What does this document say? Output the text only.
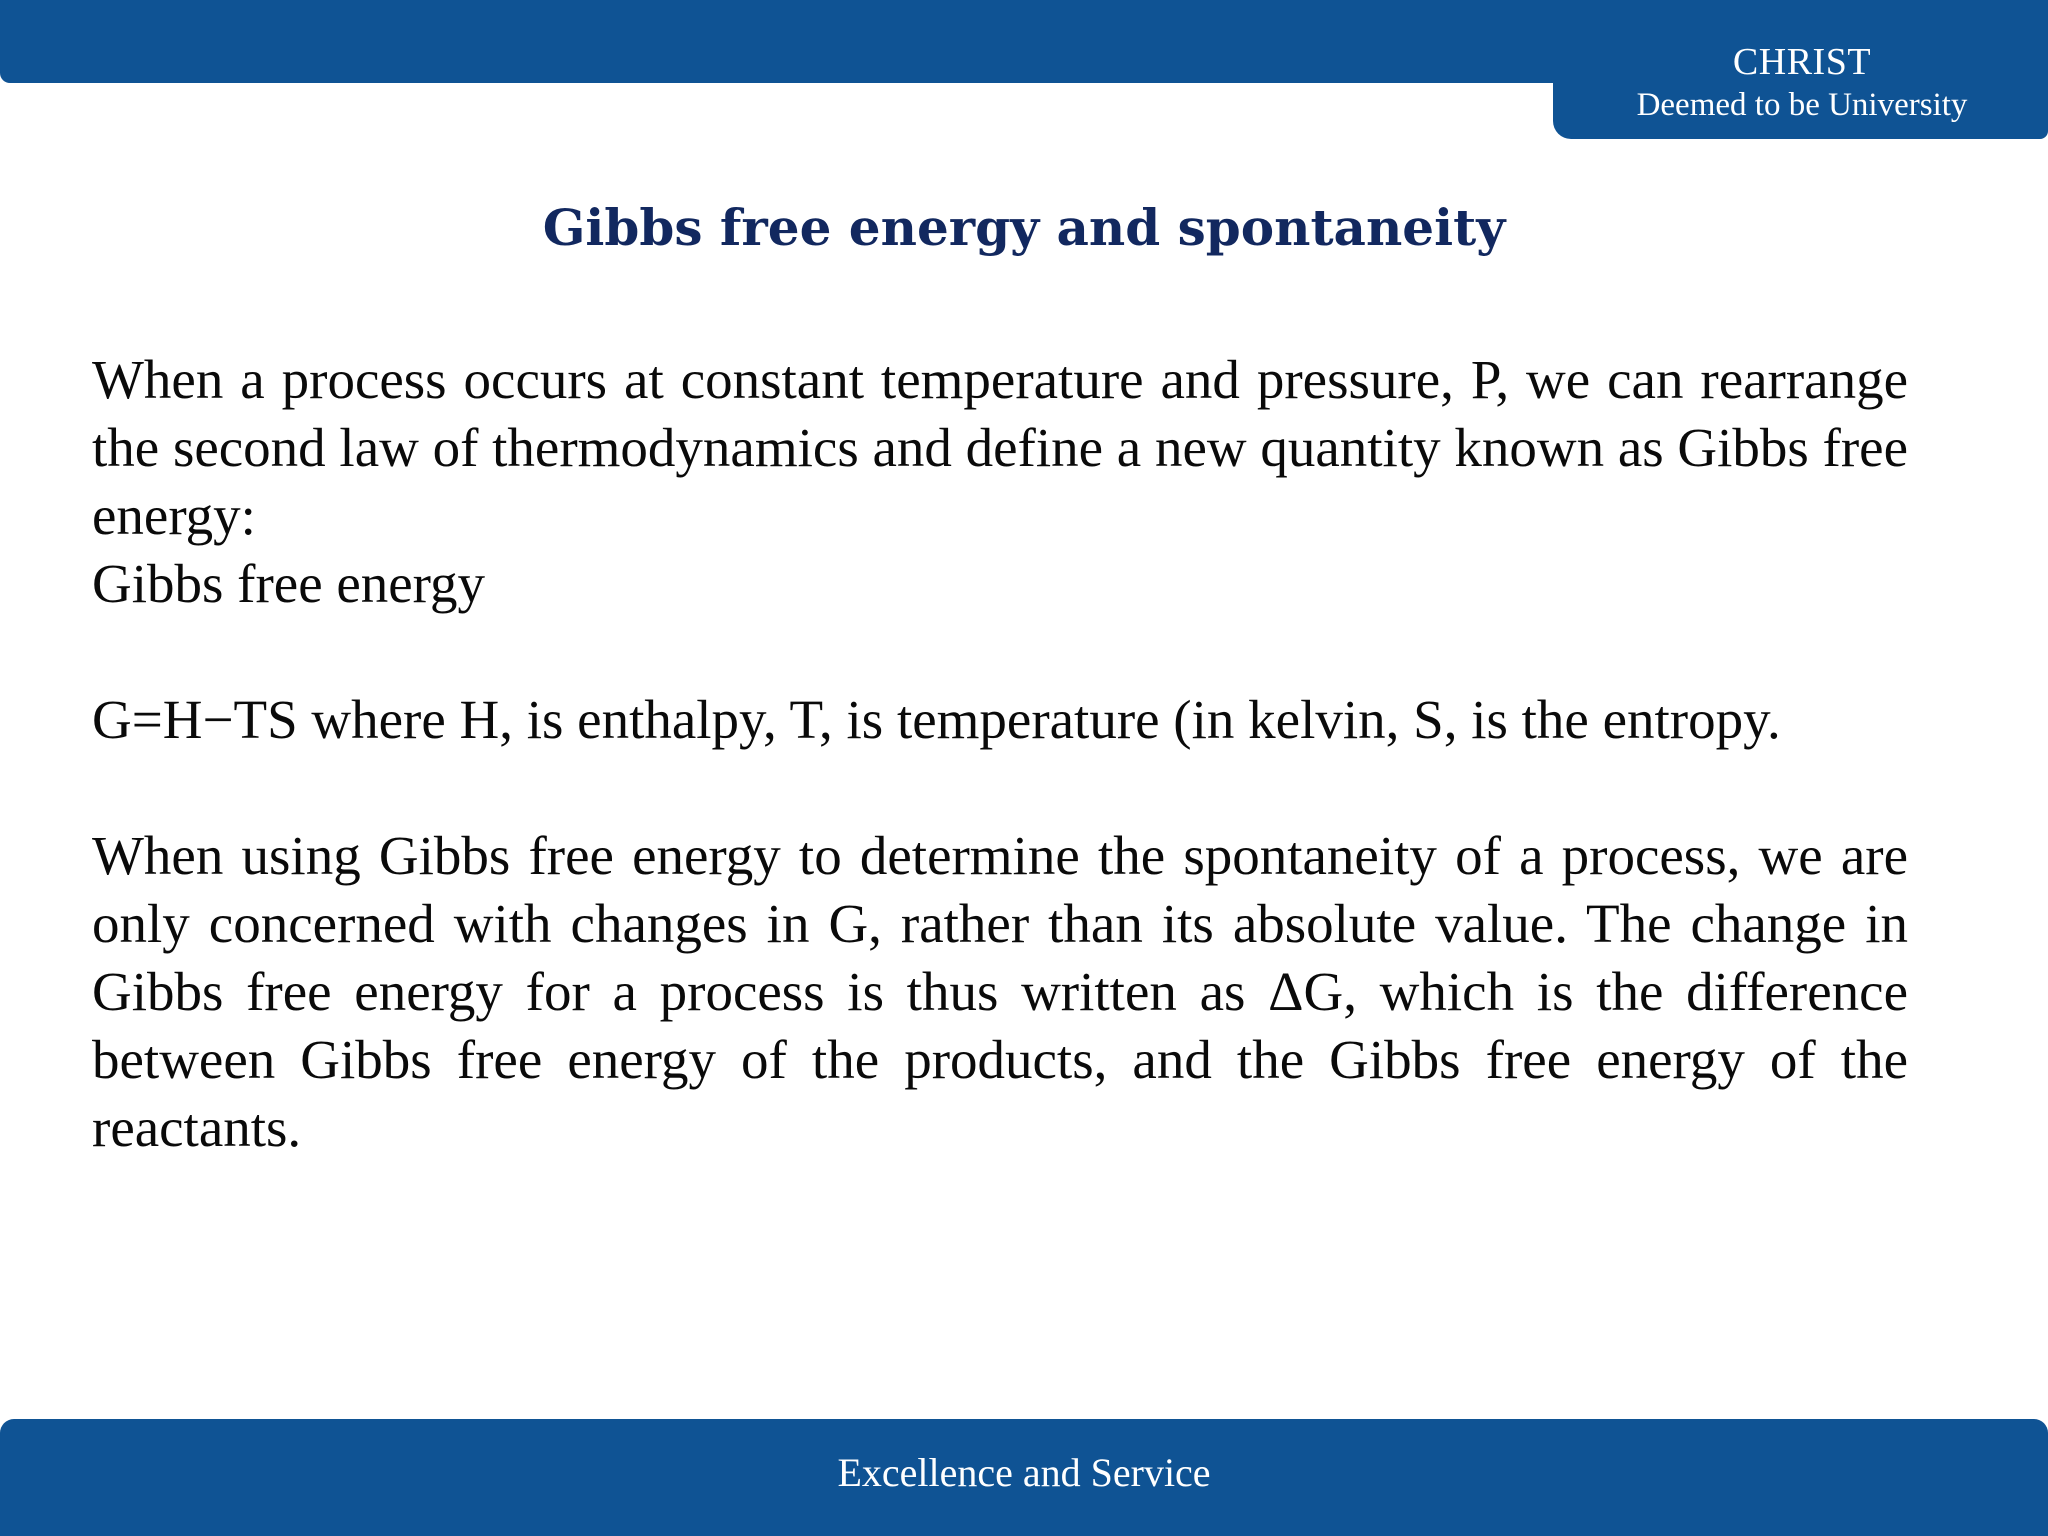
CHRIST
Deemed to be University
Gibbs free energy and spontaneity

When a process occurs at constant temperature and pressure, P, we can rearrange the second law of thermodynamics and define a new quantity known as Gibbs free energy:

Gibbs free energy

G=H−TS where H, is enthalpy, T, is temperature (in kelvin, S, is the entropy.

When using Gibbs free energy to determine the spontaneity of a process, we are only concerned with changes in G, rather than its absolute value. The change in Gibbs free energy for a process is thus written as ΔG, which is the difference between Gibbs free energy of the products, and the Gibbs free energy of the reactants.

Excellence and Service
